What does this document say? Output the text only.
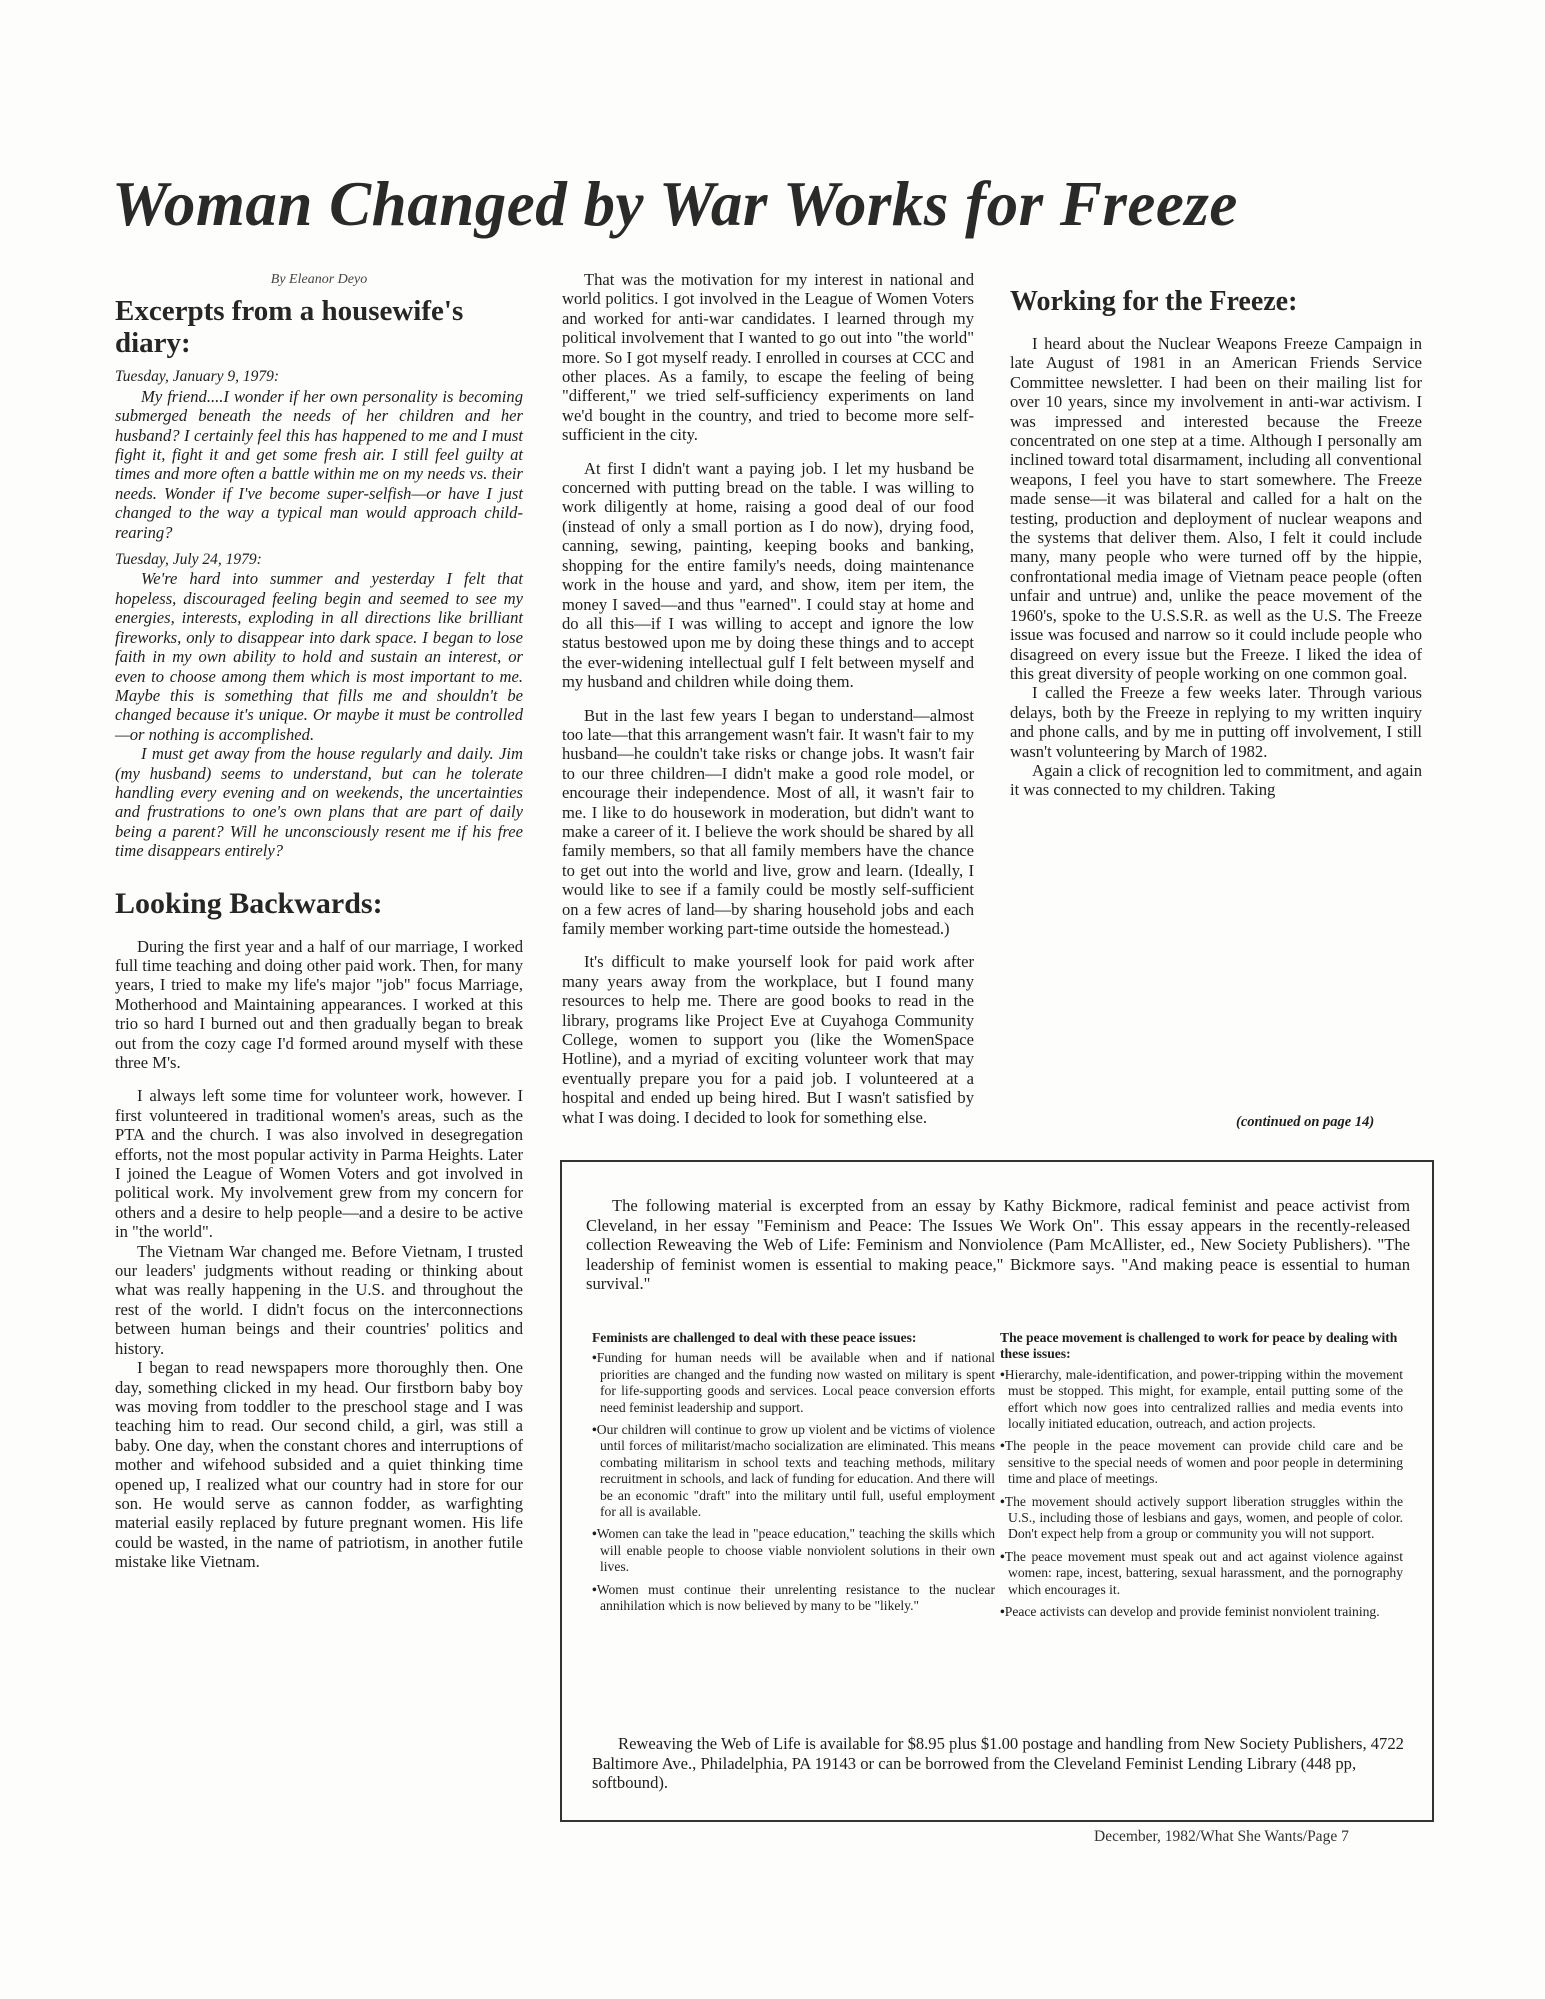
Woman Changed by War Works for Freeze

By Eleanor Deyo

Excerpts from a housewife's diary:

Tuesday, January 9, 1979:

My friend....I wonder if her own personality is becoming submerged beneath the needs of her children and her husband? I certainly feel this has happened to me and I must fight it, fight it and get some fresh air. I still feel guilty at times and more often a battle within me on my needs vs. their needs. Wonder if I've become super-selfish—or have I just changed to the way a typical man would approach child-rearing?

Tuesday, July 24, 1979:

We're hard into summer and yesterday I felt that hopeless, discouraged feeling begin and seemed to see my energies, interests, exploding in all directions like brilliant fireworks, only to disappear into dark space. I began to lose faith in my own ability to hold and sustain an interest, or even to choose among them which is most important to me. Maybe this is something that fills me and shouldn't be changed because it's unique. Or maybe it must be controlled—or nothing is accomplished.

I must get away from the house regularly and daily. Jim (my husband) seems to understand, but can he tolerate handling every evening and on weekends, the uncertainties and frustrations to one's own plans that are part of daily being a parent? Will he unconsciously resent me if his free time disappears entirely?

Looking Backwards:

During the first year and a half of our marriage, I worked full time teaching and doing other paid work. Then, for many years, I tried to make my life's major "job" focus Marriage, Motherhood and Maintaining appearances. I worked at this trio so hard I burned out and then gradually began to break out from the cozy cage I'd formed around myself with these three M's.

I always left some time for volunteer work, however. I first volunteered in traditional women's areas, such as the PTA and the church. I was also involved in desegregation efforts, not the most popular activity in Parma Heights. Later I joined the League of Women Voters and got involved in political work. My involvement grew from my concern for others and a desire to help people—and a desire to be active in "the world".

The Vietnam War changed me. Before Vietnam, I trusted our leaders' judgments without reading or thinking about what was really happening in the U.S. and throughout the rest of the world. I didn't focus on the interconnections between human beings and their countries' politics and history.

I began to read newspapers more thoroughly then. One day, something clicked in my head. Our firstborn baby boy was moving from toddler to the preschool stage and I was teaching him to read. Our second child, a girl, was still a baby. One day, when the constant chores and interruptions of mother and wifehood subsided and a quiet thinking time opened up, I realized what our country had in store for our son. He would serve as cannon fodder, as warfighting material easily replaced by future pregnant women. His life could be wasted, in the name of patriotism, in another futile mistake like Vietnam.

That was the motivation for my interest in national and world politics. I got involved in the League of Women Voters and worked for anti-war candidates. I learned through my political involvement that I wanted to go out into "the world" more. So I got myself ready. I enrolled in courses at CCC and other places. As a family, to escape the feeling of being "different," we tried self-sufficiency experiments on land we'd bought in the country, and tried to become more self-sufficient in the city.

At first I didn't want a paying job. I let my husband be concerned with putting bread on the table. I was willing to work diligently at home, raising a good deal of our food (instead of only a small portion as I do now), drying food, canning, sewing, painting, keeping books and banking, shopping for the entire family's needs, doing maintenance work in the house and yard, and show, item per item, the money I saved—and thus "earned". I could stay at home and do all this—if I was willing to accept and ignore the low status bestowed upon me by doing these things and to accept the ever-widening intellectual gulf I felt between myself and my husband and children while doing them.

But in the last few years I began to understand—almost too late—that this arrangement wasn't fair. It wasn't fair to my husband—he couldn't take risks or change jobs. It wasn't fair to our three children—I didn't make a good role model, or encourage their independence. Most of all, it wasn't fair to me. I like to do housework in moderation, but didn't want to make a career of it. I believe the work should be shared by all family members, so that all family members have the chance to get out into the world and live, grow and learn. (Ideally, I would like to see if a family could be mostly self-sufficient on a few acres of land—by sharing household jobs and each family member working part-time outside the homestead.)

It's difficult to make yourself look for paid work after many years away from the workplace, but I found many resources to help me. There are good books to read in the library, programs like Project Eve at Cuyahoga Community College, women to support you (like the WomenSpace Hotline), and a myriad of exciting volunteer work that may eventually prepare you for a paid job. I volunteered at a hospital and ended up being hired. But I wasn't satisfied by what I was doing. I decided to look for something else.

Working for the Freeze:

I heard about the Nuclear Weapons Freeze Campaign in late August of 1981 in an American Friends Service Committee newsletter. I had been on their mailing list for over 10 years, since my involvement in anti-war activism. I was impressed and interested because the Freeze concentrated on one step at a time. Although I personally am inclined toward total disarmament, including all conventional weapons, I feel you have to start somewhere. The Freeze made sense—it was bilateral and called for a halt on the testing, production and deployment of nuclear weapons and the systems that deliver them. Also, I felt it could include many, many people who were turned off by the hippie, confrontational media image of Vietnam peace people (often unfair and untrue) and, unlike the peace movement of the 1960's, spoke to the U.S.S.R. as well as the U.S. The Freeze issue was focused and narrow so it could include people who disagreed on every issue but the Freeze. I liked the idea of this great diversity of people working on one common goal.

I called the Freeze a few weeks later. Through various delays, both by the Freeze in replying to my written inquiry and phone calls, and by me in putting off involvement, I still wasn't volunteering by March of 1982.

Again a click of recognition led to commitment, and again it was connected to my children. Taking

(continued on page 14)

The following material is excerpted from an essay by Kathy Bickmore, radical feminist and peace activist from Cleveland, in her essay "Feminism and Peace: The Issues We Work On". This essay appears in the recently-released collection Reweaving the Web of Life: Feminism and Nonviolence (Pam McAllister, ed., New Society Publishers). "The leadership of feminist women is essential to making peace," Bickmore says. "And making peace is essential to human survival."

Feminists are challenged to deal with these peace issues:

•Funding for human needs will be available when and if national priorities are changed and the funding now wasted on military is spent for life-supporting goods and services. Local peace conversion efforts need feminist leadership and support.

•Our children will continue to grow up violent and be victims of violence until forces of militarist/macho socialization are eliminated. This means combating militarism in school texts and teaching methods, military recruitment in schools, and lack of funding for education. And there will be an economic "draft" into the military until full, useful employment for all is available.

•Women can take the lead in "peace education," teaching the skills which will enable people to choose viable nonviolent solutions in their own lives.

•Women must continue their unrelenting resistance to the nuclear annihilation which is now believed by many to be "likely."

The peace movement is challenged to work for peace by dealing with these issues:

•Hierarchy, male-identification, and power-tripping within the movement must be stopped. This might, for example, entail putting some of the effort which now goes into centralized rallies and media events into locally initiated education, outreach, and action projects.

•The people in the peace movement can provide child care and be sensitive to the special needs of women and poor people in determining time and place of meetings.

•The movement should actively support liberation struggles within the U.S., including those of lesbians and gays, women, and people of color. Don't expect help from a group or community you will not support.

•The peace movement must speak out and act against violence against women: rape, incest, battering, sexual harassment, and the pornography which encourages it.

•Peace activists can develop and provide feminist nonviolent training.

Reweaving the Web of Life is available for $8.95 plus $1.00 postage and handling from New Society Publishers, 4722 Baltimore Ave., Philadelphia, PA 19143 or can be borrowed from the Cleveland Feminist Lending Library (448 pp, softbound).

December, 1982/What She Wants/Page 7
